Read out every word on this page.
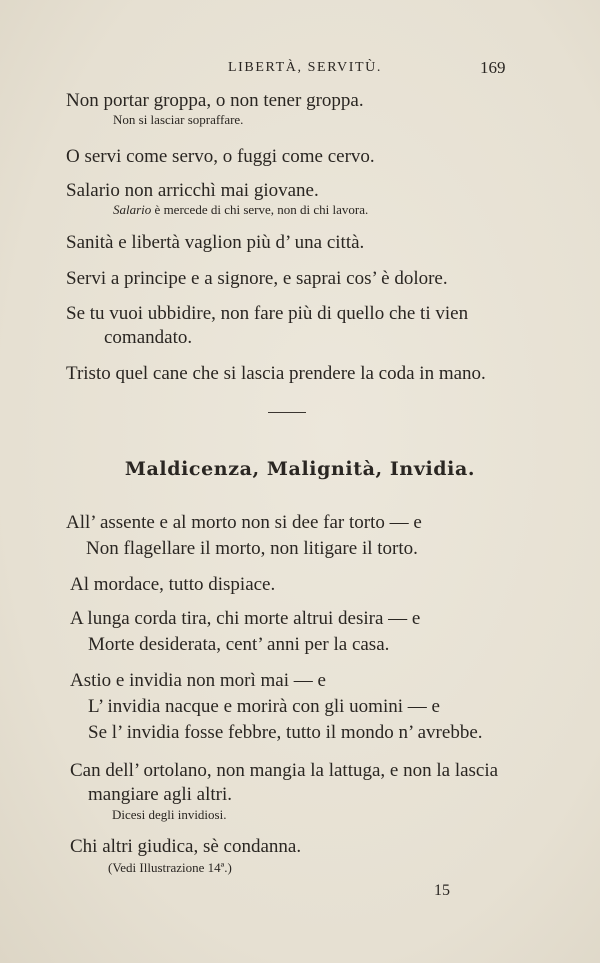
LIBERTÀ, SERVITÙ.	169
Non portar groppa, o non tener groppa.
Non si lasciar sopraffare.
O servi come servo, o fuggi come cervo.
Salario non arricchì mai giovane.
Salario è mercede di chi serve, non di chi lavora.
Sanità e libertà vaglion più d’ una città.
Servi a principe e a signore, e saprai cos’ è dolore.
Se tu vuoi ubbidire, non fare più di quello che ti vien
comandato.
Tristo quel cane che si lascia prendere la coda in mano.
Maldicenza, Malignità, Invidia.
All’ assente e al morto non si dee far torto — e
Non flagellare il morto, non litigare il torto.
Al mordace, tutto dispiace.
A lunga corda tira, chi morte altrui desira — e
Morte desiderata, cent’ anni per la casa.
Astio e invidia non morì mai — e
L’ invidia nacque e morirà con gli uomini — e
Se l’ invidia fosse febbre, tutto il mondo n’ avrebbe.
Can dell’ ortolano, non mangia la lattuga, e non la lascia
mangiare agli altri.
Dicesi degli invidiosi.
Chi altri giudica, sè condanna.
(Vedi Illustrazione 14ª.)
15
